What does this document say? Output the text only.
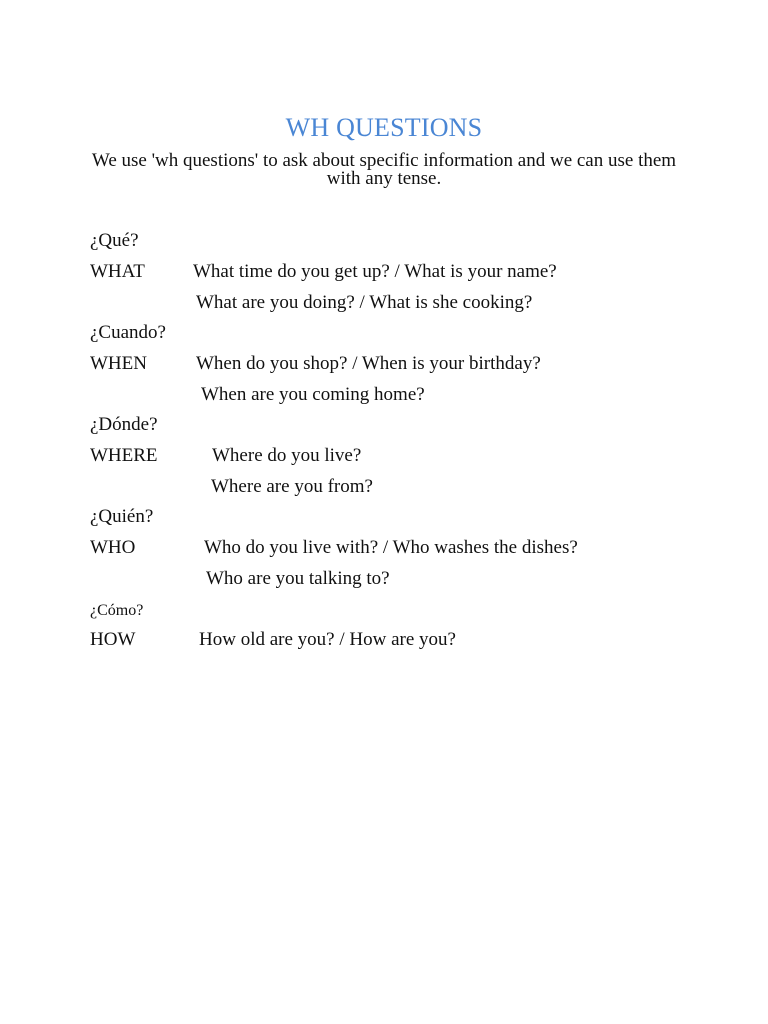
WH QUESTIONS
We use 'wh questions' to ask about specific information and we can use them with any tense.
¿Qué?
WHAT	What time do you get up? / What is your name?
What are you doing? / What is she cooking?
¿Cuando?
WHEN	When do you shop? / When is your birthday?
When are you coming home?
¿Dónde?
WHERE	Where do you live?
Where are you from?
¿Quién?
WHO	Who do you live with? / Who washes the dishes?
Who are you talking to?
¿Cómo?
HOW	How old are you? / How are you?
